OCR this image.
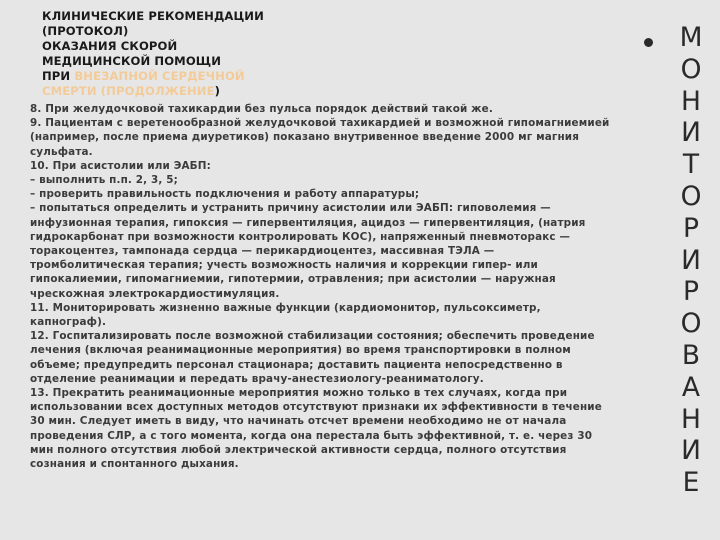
КЛИНИЧЕСКИЕ РЕКОМЕНДАЦИИ
(ПРОТОКОЛ)
ОКАЗАНИЯ СКОРОЙ
МЕДИЦИНСКОЙ ПОМОЩИ
ПРИ ВНЕЗАПНОЙ СЕРДЕЧНОЙ
СМЕРТИ (ПРОДОЛЖЕНИЕ)

8. При желудочковой тахикардии без пульса порядок действий такой же.

9. Пациентам с веретенообразной желудочковой тахикардией и возможной гипомагниемией (например, после приема диуретиков) показано внутривенное введение 2000 мг магния сульфата.

10. При асистолии или ЭАБП:

– выполнить п.п. 2, 3, 5;

– проверить правильность подключения и работу аппаратуры;

– попытаться определить и устранить причину асистолии или ЭАБП: гиповолемия — инфузионная терапия, гипоксия — гипервентиляция, ацидоз — гипервентиляция, (натрия гидрокарбонат при возможности контролировать КОС), напряженный пневмоторакс — торакоцентез, тампонада сердца — перикардиоцентез, массивная ТЭЛА — тромболитическая терапия; учесть возможность наличия и коррекции гипер- или гипокалиемии, гипомагниемии, гипотермии, отравления; при асистолии — наружная чрескожная электрокардиостимуляция.

11. Мониторировать жизненно важные функции (кардиомонитор, пульсоксиметр, капнограф).

12. Госпитализировать после возможной стабилизации состояния; обеспечить проведение лечения (включая реанимационные мероприятия) во время транспортировки в полном объеме; предупредить персонал стационара; доставить пациента непосредственно в отделение реанимации и передать врачу-анестезиологу-реаниматологу.

13. Прекратить реанимационные мероприятия можно только в тех случаях, когда при использовании всех доступных методов отсутствуют признаки их эффективности в течение 30 мин. Следует иметь в виду, что начинать отсчет времени необходимо не от начала проведения СЛР, а с того момента, когда она перестала быть эффективной, т. е. через 30 мин полного отсутствия любой электрической активности сердца, полного отсутствия сознания и спонтанного дыхания.

М
О
Н
И
Т
О
Р
И
Р
О
В
А
Н
И
Е
